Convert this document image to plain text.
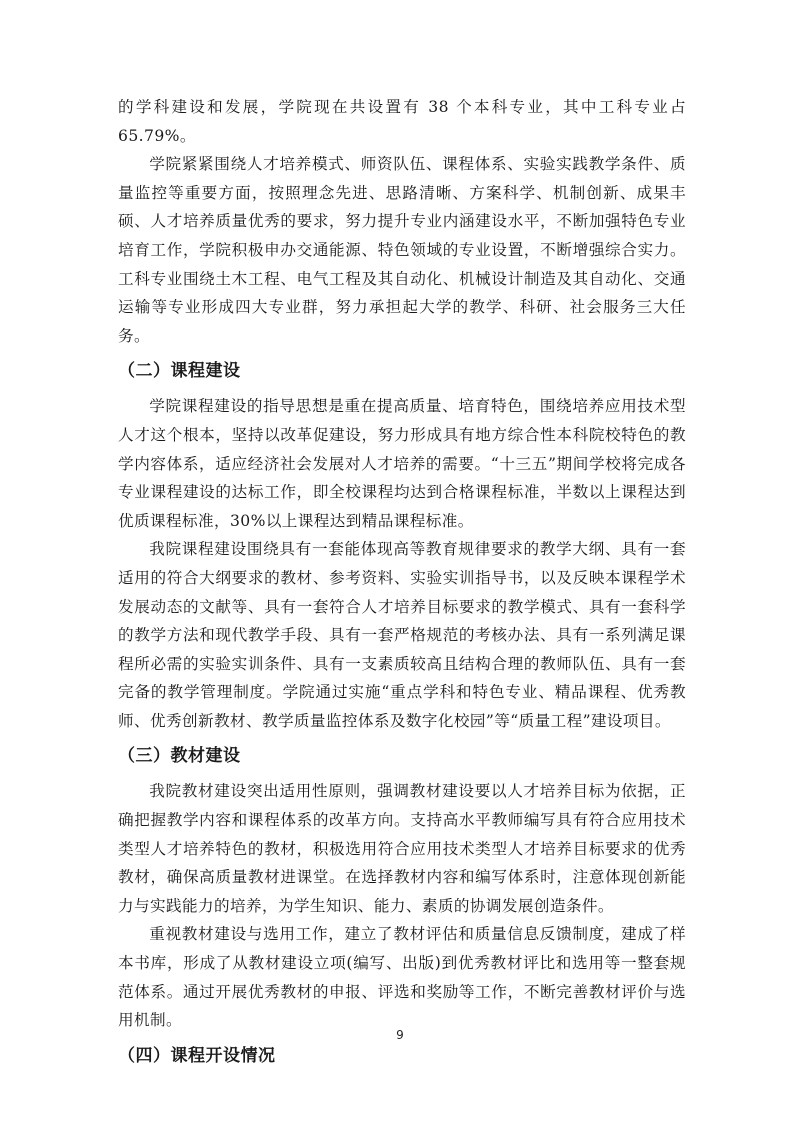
的学科建设和发展，学院现在共设置有 38 个本科专业，其中工科专业占 65.79%。

学院紧紧围绕人才培养模式、师资队伍、课程体系、实验实践教学条件、质量监控等重要方面，按照理念先进、思路清晰、方案科学、机制创新、成果丰硕、人才培养质量优秀的要求，努力提升专业内涵建设水平，不断加强特色专业培育工作，学院积极申办交通能源、特色领域的专业设置，不断增强综合实力。工科专业围绕土木工程、电气工程及其自动化、机械设计制造及其自动化、交通运输等专业形成四大专业群，努力承担起大学的教学、科研、社会服务三大任务。

（二）课程建设

学院课程建设的指导思想是重在提高质量、培育特色，围绕培养应用技术型人才这个根本，坚持以改革促建设，努力形成具有地方综合性本科院校特色的教学内容体系，适应经济社会发展对人才培养的需要。“十三五”期间学校将完成各专业课程建设的达标工作，即全校课程均达到合格课程标准，半数以上课程达到优质课程标准，30%以上课程达到精品课程标准。

我院课程建设围绕具有一套能体现高等教育规律要求的教学大纲、具有一套适用的符合大纲要求的教材、参考资料、实验实训指导书，以及反映本课程学术发展动态的文献等、具有一套符合人才培养目标要求的教学模式、具有一套科学的教学方法和现代教学手段、具有一套严格规范的考核办法、具有一系列满足课程所必需的实验实训条件、具有一支素质较高且结构合理的教师队伍、具有一套完备的教学管理制度。学院通过实施“重点学科和特色专业、精品课程、优秀教师、优秀创新教材、教学质量监控体系及数字化校园”等“质量工程”建设项目。

（三）教材建设

我院教材建设突出适用性原则，强调教材建设要以人才培养目标为依据，正确把握教学内容和课程体系的改革方向。支持高水平教师编写具有符合应用技术类型人才培养特色的教材，积极选用符合应用技术类型人才培养目标要求的优秀教材，确保高质量教材进课堂。在选择教材内容和编写体系时，注意体现创新能力与实践能力的培养，为学生知识、能力、素质的协调发展创造条件。

重视教材建设与选用工作，建立了教材评估和质量信息反馈制度，建成了样本书库，形成了从教材建设立项(编写、出版)到优秀教材评比和选用等一整套规范体系。通过开展优秀教材的申报、评选和奖励等工作，不断完善教材评价与选用机制。

（四）课程开设情况
9
